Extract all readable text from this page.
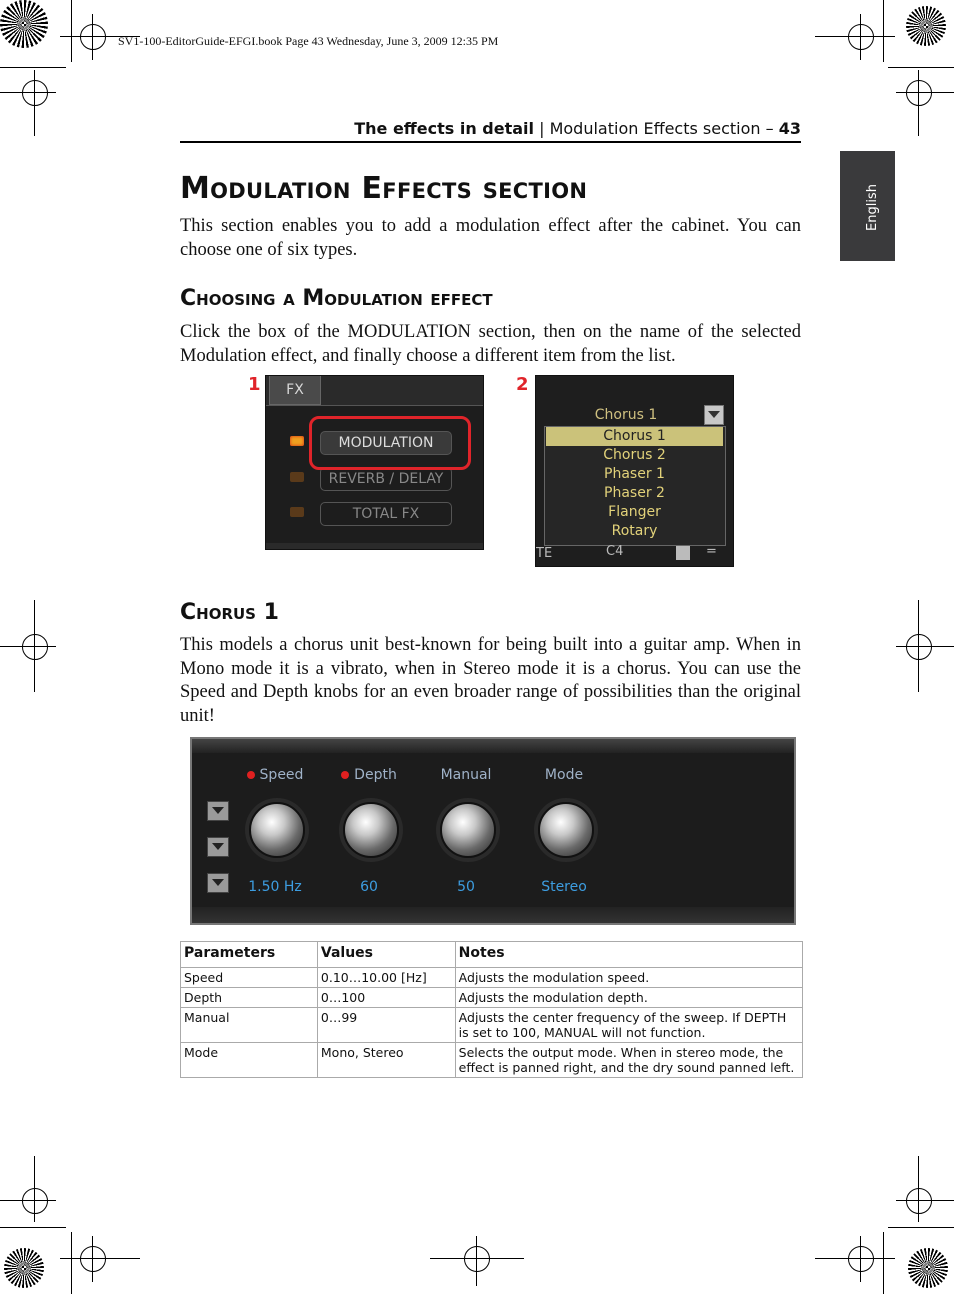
SV1-100-EditorGuide-EFGI.book Page 43 Wednesday, June 3, 2009 12:35 PM
The effects in detail | Modulation Effects section – 43
English
Modulation Effects section
This section enables you to add a modulation effect after the cabinet. You can choose one of six types.
Choosing a Modulation effect
Click the box of the MODULATION section, then on the name of the selected Modulation effect, and finally choose a different item from the list.
1	FX
MODULATION
REVERB / DELAY
TOTAL FX
2
Chorus 1
Chorus 1
Chorus 2
Phaser 1
Phaser 2
Flanger
Rotary
TE	C4	=
Chorus 1
This models a chorus unit best-known for being built into a guitar amp. When in Mono mode it is a vibrato, when in Stereo mode it is a chorus. You can use the Speed and Depth knobs for an even broader range of possibilities than the original unit!
Speed
1.50 Hz
Depth
60
Manual
50
Mode
Stereo
Parameters	Values	Notes
Speed	0.10…10.00 [Hz]	Adjusts the modulation speed.
Depth	0…100	Adjusts the modulation depth.
Manual	0…99	Adjusts the center frequency of the sweep. If DEPTH is set to 100, MANUAL will not function.
Mode	Mono, Stereo	Selects the output mode. When in stereo mode, the effect is panned right, and the dry sound panned left.
